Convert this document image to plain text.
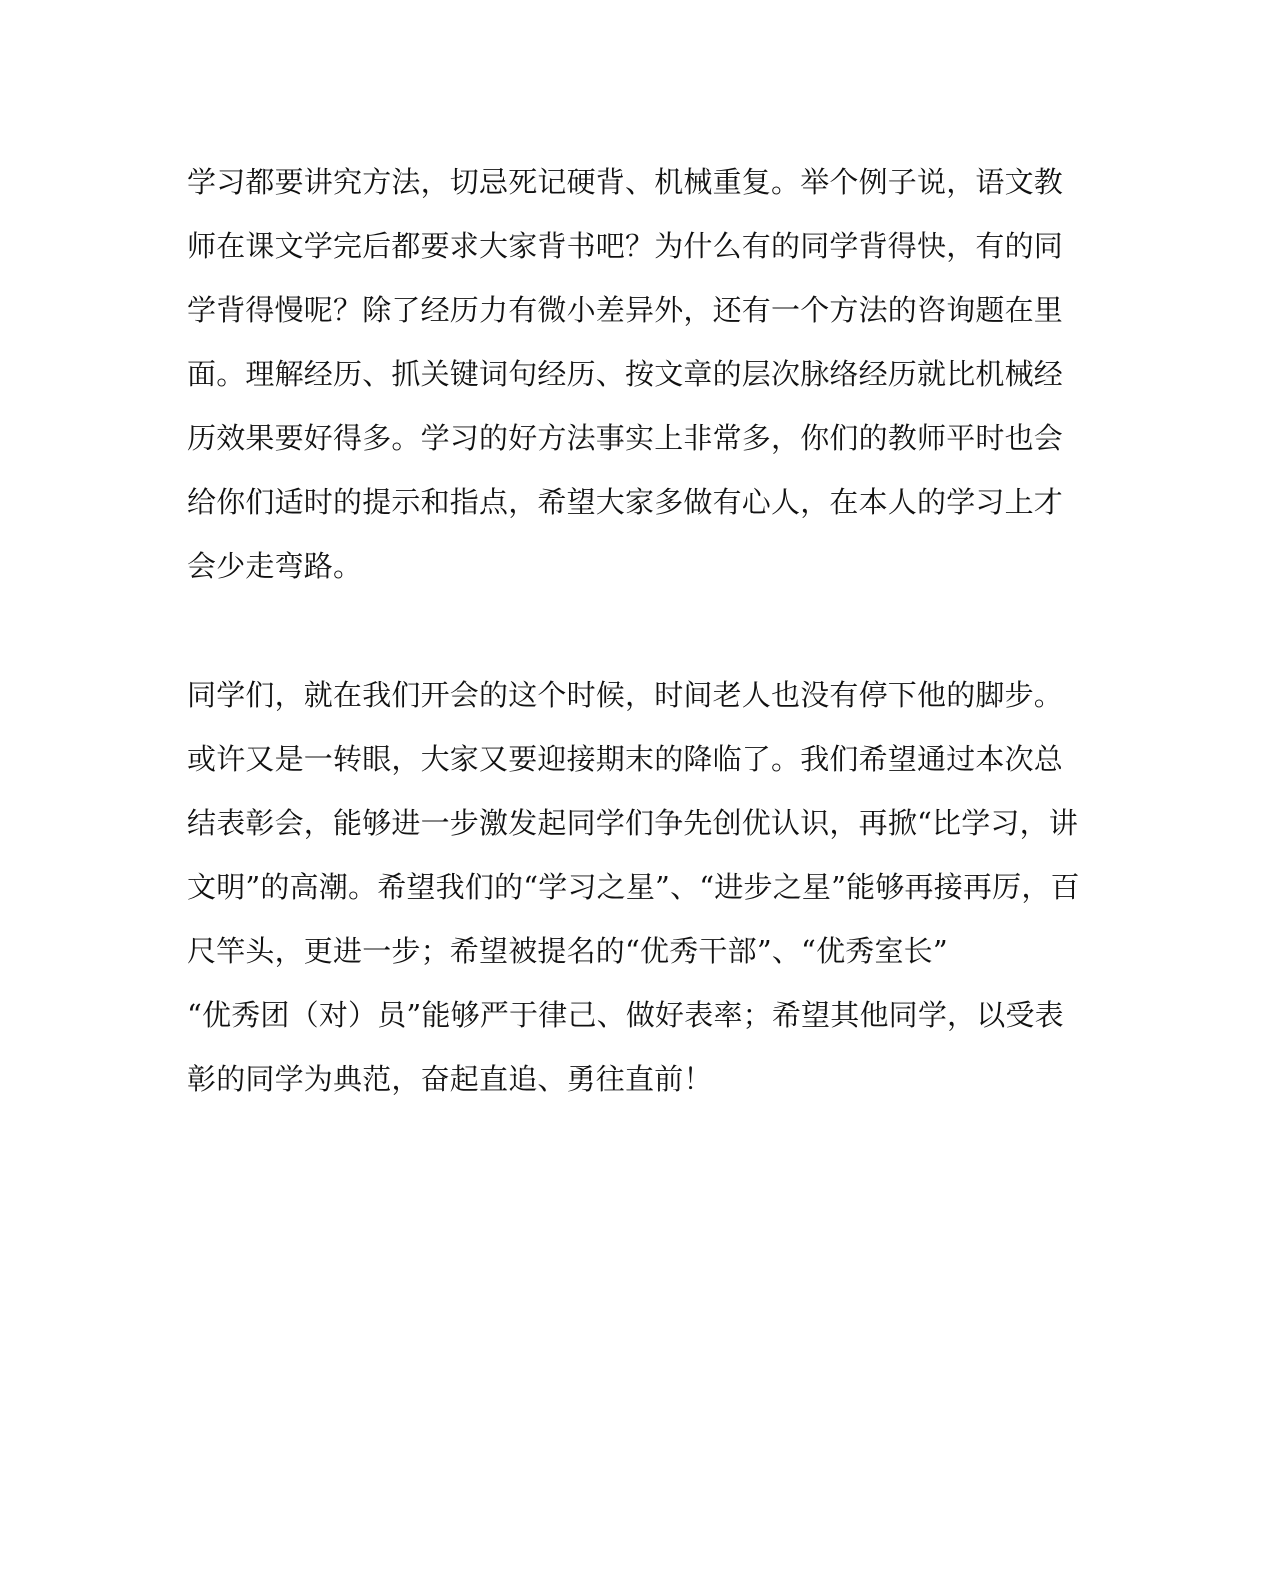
学习都要讲究方法，切忌死记硬背、机械重复。举个例子说，语文教
师在课文学完后都要求大家背书吧？为什么有的同学背得快，有的同
学背得慢呢？除了经历力有微小差异外，还有一个方法的咨询题在里
面。理解经历、抓关键词句经历、按文章的层次脉络经历就比机械经
历效果要好得多。学习的好方法事实上非常多，你们的教师平时也会
给你们适时的提示和指点，希望大家多做有心人，在本人的学习上才
会少走弯路。
同学们，就在我们开会的这个时候，时间老人也没有停下他的脚步。
或许又是一转眼，大家又要迎接期末的降临了。我们希望通过本次总
结表彰会，能够进一步激发起同学们争先创优认识，再掀“比学习，讲
文明”的高潮。希望我们的“学习之星”、“进步之星”能够再接再厉，百
尺竿头，更进一步；希望被提名的“优秀干部”、“优秀室长”
“优秀团（对）员”能够严于律己、做好表率；希望其他同学，以受表
彰的同学为典范，奋起直追、勇往直前！
